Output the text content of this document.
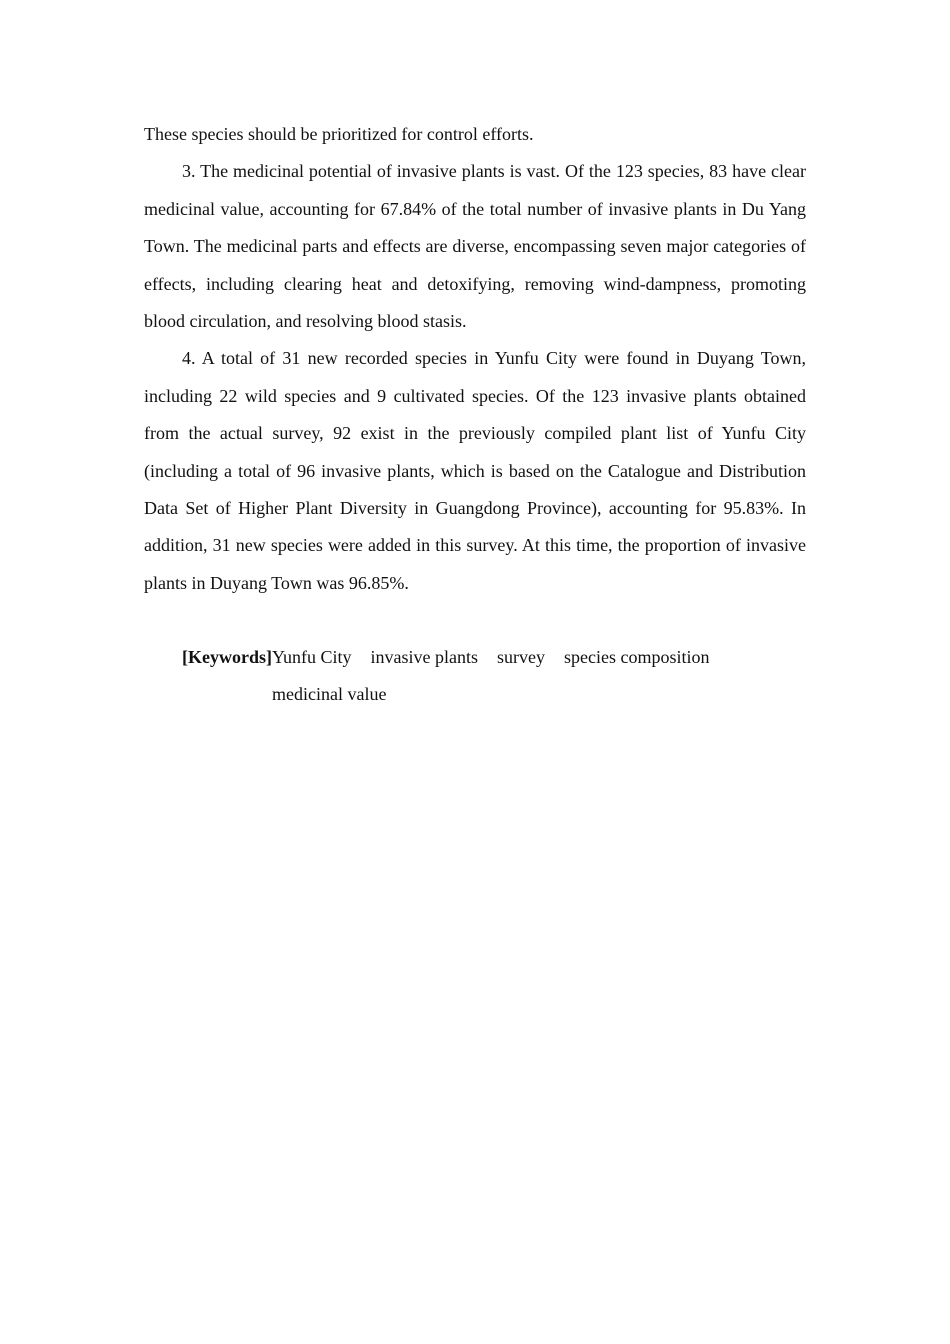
These species should be prioritized for control efforts.

3. The medicinal potential of invasive plants is vast. Of the 123 species, 83 have clear medicinal value, accounting for 67.84% of the total number of invasive plants in Du Yang Town. The medicinal parts and effects are diverse, encompassing seven major categories of effects, including clearing heat and detoxifying, removing wind-dampness, promoting blood circulation, and resolving blood stasis.

4. A total of 31 new recorded species in Yunfu City were found in Duyang Town, including 22 wild species and 9 cultivated species. Of the 123 invasive plants obtained from the actual survey, 92 exist in the previously compiled plant list of Yunfu City (including a total of 96 invasive plants, which is based on the Catalogue and Distribution Data Set of Higher Plant Diversity in Guangdong Province), accounting for 95.83%. In addition, 31 new species were added in this survey. At this time, the proportion of invasive plants in Duyang Town was 96.85%.

[Keywords] Yunfu City invasive plants survey species composition
medicinal value
